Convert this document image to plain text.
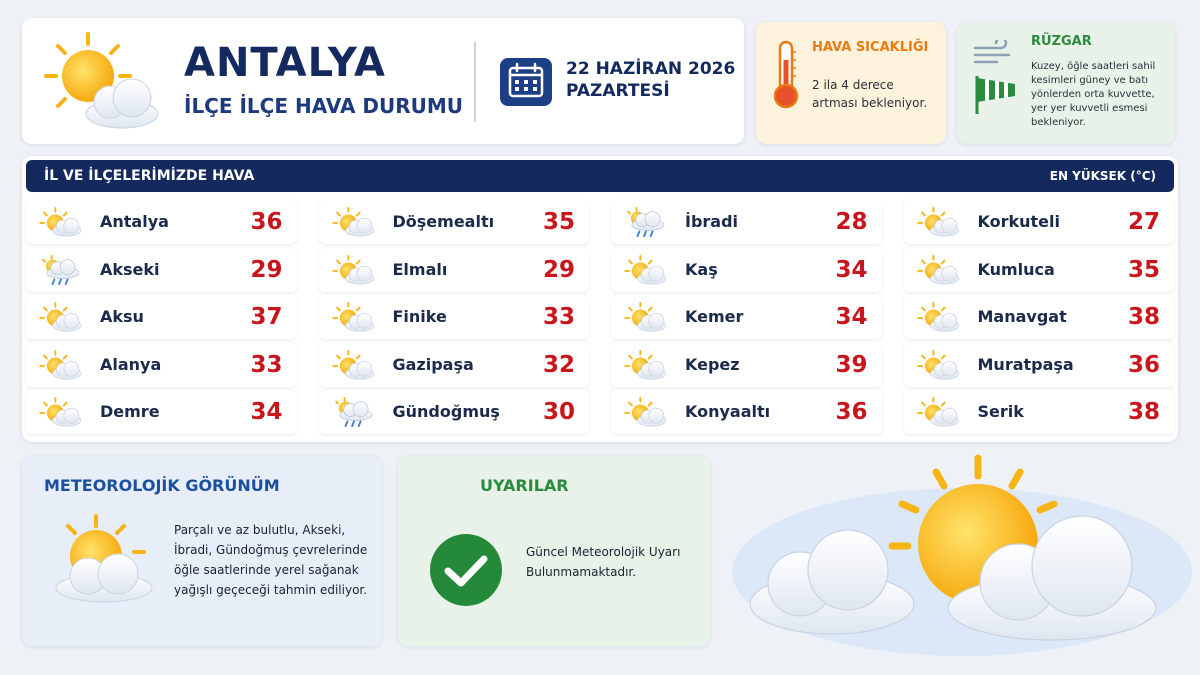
ANTALYA
İLÇE İLÇE HAVA DURUMU
22 HAZİRAN 2026
PAZARTESİ
HAVA SICAKLIĞI
2 ila 4 derece artması bekleniyor.
RÜZGAR
Kuzey, öğle saatleri sahil kesimleri güney ve batı yönlerden orta kuvvette, yer yer kuvvetli esmesi bekleniyor.
İL VE İLÇELERİMİZDE HAVA	EN YÜKSEK (°C)
Antalya	36
Akseki	29
Aksu	37
Alanya	33
Demre	34
Döşemealtı 35
Elmalı	29
Finike	33
Gazipaşa	32
Gündoğmuş 30
İbradi	28
Kaş	34
Kemer	34
Kepez	39
Konyaaltı	36
Korkuteli	27
Kumluca	35
Manavgat	38
Muratpaşa 36
Serik	38
METEOROLOJİK GÖRÜNÜM
Parçalı ve az bulutlu, Akseki, İbradi, Gündoğmuş çevrelerinde öğle saatlerinde yerel sağanak yağışlı geçeceği tahmin ediliyor.
UYARILAR
Güncel Meteorolojik Uyarı Bulunmamaktadır.
